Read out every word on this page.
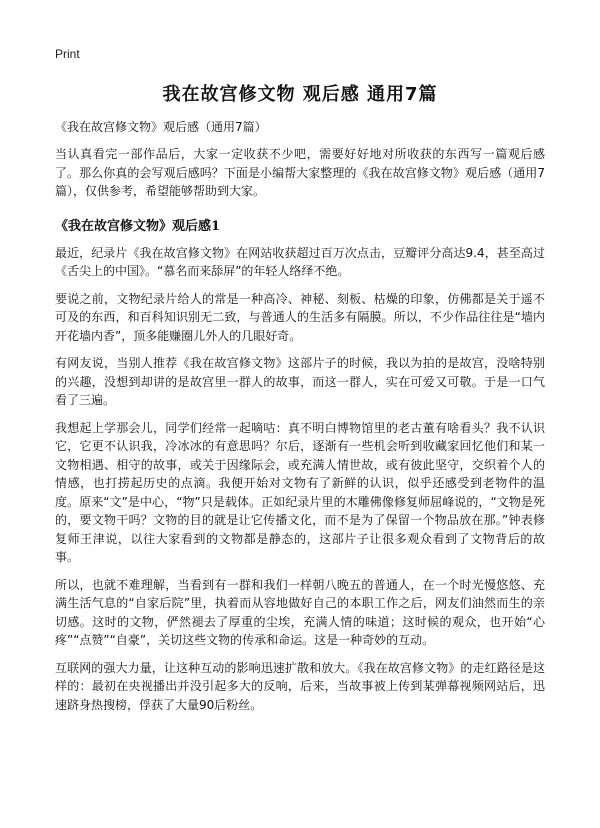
Print
我在故宫修文物 观后感 通用7篇

《我在故宫修文物》观后感（通用7篇）

当认真看完一部作品后，大家一定收获不少吧，需要好好地对所收获的东西写一篇观后感了。那么你真的会写观后感吗？下面是小编帮大家整理的《我在故宫修文物》观后感（通用7篇），仅供参考，希望能够帮助到大家。

《我在故宫修文物》观后感1

最近，纪录片《我在故宫修文物》在网站收获超过百万次点击，豆瓣评分高达9.4，甚至高过《舌尖上的中国》。“慕名而来舔屏”的年轻人络绎不绝。

要说之前，文物纪录片给人的常是一种高冷、神秘、刻板、枯燥的印象，仿佛都是关于遥不可及的东西，和百科知识别无二致，与普通人的生活多有隔膜。所以，不少作品往往是“墙内开花墙内香”，顶多能赚圈儿外人的几眼好奇。

有网友说，当别人推荐《我在故宫修文物》这部片子的时候，我以为拍的是故宫，没啥特别的兴趣，没想到却讲的是故宫里一群人的故事，而这一群人，实在可爱又可敬。于是一口气看了三遍。

我想起上学那会儿，同学们经常一起嘀咕：真不明白博物馆里的老古董有啥看头？我不认识它，它更不认识我，冷冰冰的有意思吗？尔后，逐渐有一些机会听到收藏家回忆他们和某一文物相遇、相守的故事，或关于因缘际会，或充满人情世故，或有彼此坚守，交织着个人的情感，也打捞起历史的点滴。我便开始对文物有了新鲜的认识，似乎还感受到老物件的温度。原来“文”是中心，“物”只是载体。正如纪录片里的木雕佛像修复师屈峰说的，“文物是死的，要文物干吗？文物的目的就是让它传播文化，而不是为了保留一个物品放在那。”钟表修复师王津说，以往大家看到的文物都是静态的，这部片子让很多观众看到了文物背后的故事。

所以，也就不难理解，当看到有一群和我们一样朝八晚五的普通人，在一个时光慢悠悠、充满生活气息的“自家后院”里，执着而从容地做好自己的本职工作之后，网友们油然而生的亲切感。这时的文物，俨然褪去了厚重的尘埃，充满人情的味道；这时候的观众，也开始“心疼”“点赞”“自豪”，关切这些文物的传承和命运。这是一种奇妙的互动。

互联网的强大力量，让这种互动的影响迅速扩散和放大。《我在故宫修文物》的走红路径是这样的：最初在央视播出并没引起多大的反响，后来，当故事被上传到某弹幕视频网站后，迅速跻身热搜榜，俘获了大量90后粉丝。
